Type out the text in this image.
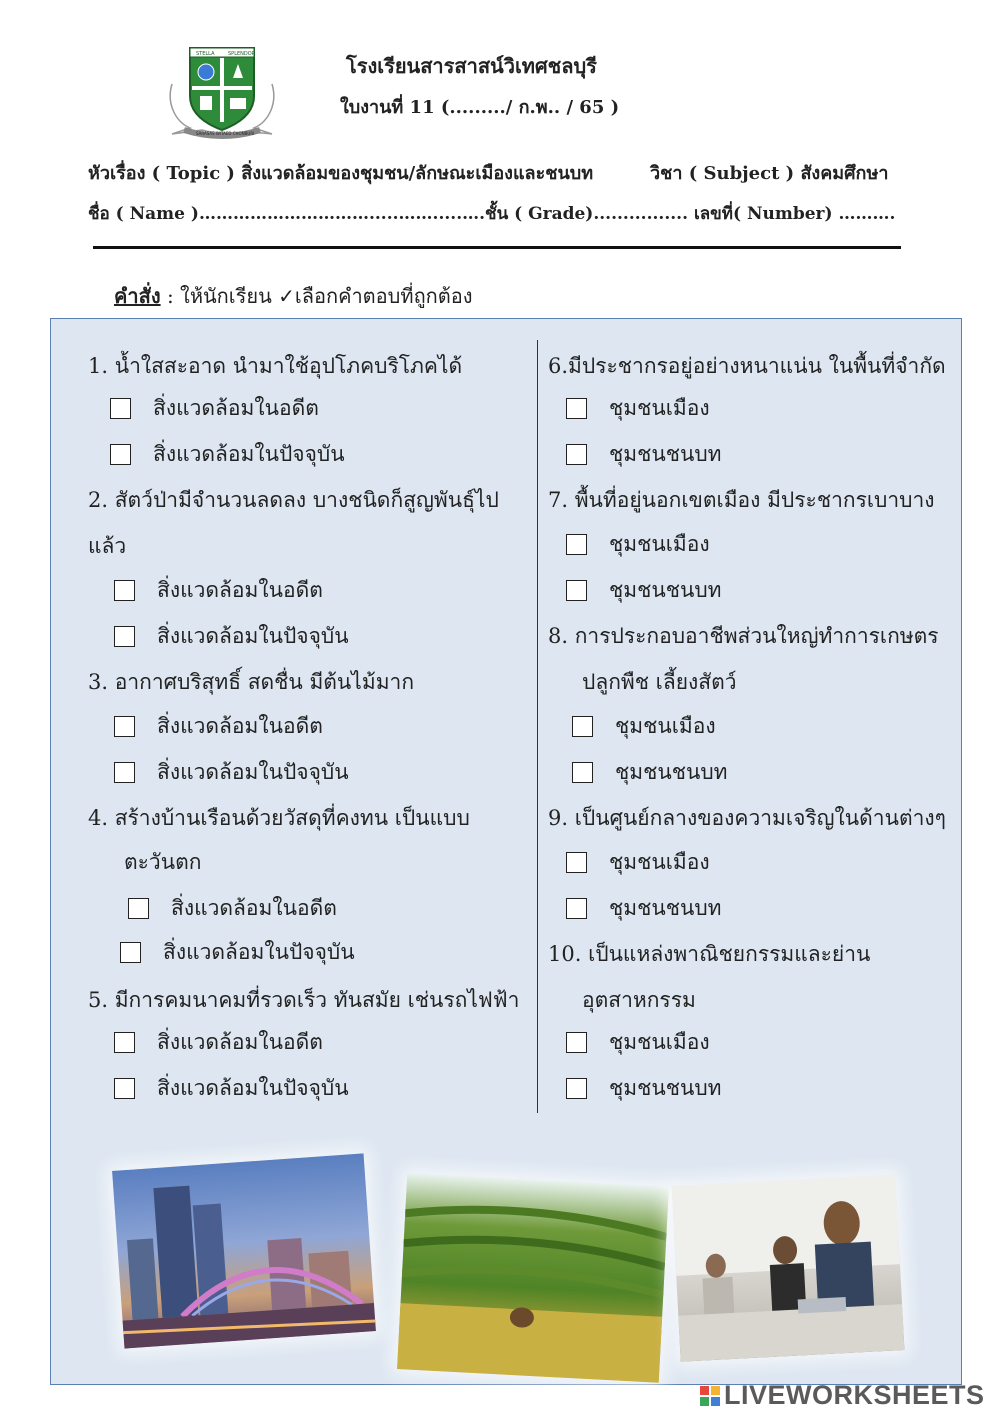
STELLA	SPLENDOR
SARASAS WITAED CHONBURI
โรงเรียนสารสาสน์วิเทศชลบุรี
ใบงานที่ 11 (........./ ก.พ.. / 65 )
หัวเรื่อง ( Topic ) สิ่งแวดล้อมของชุมชน/ลักษณะเมืองและชนบท	วิชา ( Subject ) สังคมศึกษา
ชื่อ ( Name )………………………….....…….....….ชั้น ( Grade)................ เลขที่( Number) ……….
คำสั่ง : ให้นักเรียน ✓เลือกคำตอบที่ถูกต้อง
1. น้ำใสสะอาด นำมาใช้อุปโภคบริโภคได้
สิ่งแวดล้อมในอดีต
สิ่งแวดล้อมในปัจจุบัน
2. สัตว์ป่ามีจำนวนลดลง บางชนิดก็สูญพันธุ์ไป
แล้ว
สิ่งแวดล้อมในอดีต
สิ่งแวดล้อมในปัจจุบัน
3. อากาศบริสุทธิ์ สดชื่น มีต้นไม้มาก
สิ่งแวดล้อมในอดีต
สิ่งแวดล้อมในปัจจุบัน
4. สร้างบ้านเรือนด้วยวัสดุที่คงทน เป็นแบบ
ตะวันตก
สิ่งแวดล้อมในอดีต
สิ่งแวดล้อมในปัจจุบัน
5. มีการคมนาคมที่รวดเร็ว ทันสมัย เช่นรถไฟฟ้า
สิ่งแวดล้อมในอดีต
สิ่งแวดล้อมในปัจจุบัน
6.มีประชากรอยู่อย่างหนาแน่น ในพื้นที่จำกัด
ชุมชนเมือง
ชุมชนชนบท
7. พื้นที่อยู่นอกเขตเมือง มีประชากรเบาบาง
ชุมชนเมือง
ชุมชนชนบท
8. การประกอบอาชีพส่วนใหญ่ทำการเกษตร
ปลูกพืช เลี้ยงสัตว์
ชุมชนเมือง
ชุมชนชนบท
9. เป็นศูนย์กลางของความเจริญในด้านต่างๆ
ชุมชนเมือง
ชุมชนชนบท
10. เป็นแหล่งพาณิชยกรรมและย่าน
อุตสาหกรรม
ชุมชนเมือง
ชุมชนชนบท
LIVEWORKSHEETS
